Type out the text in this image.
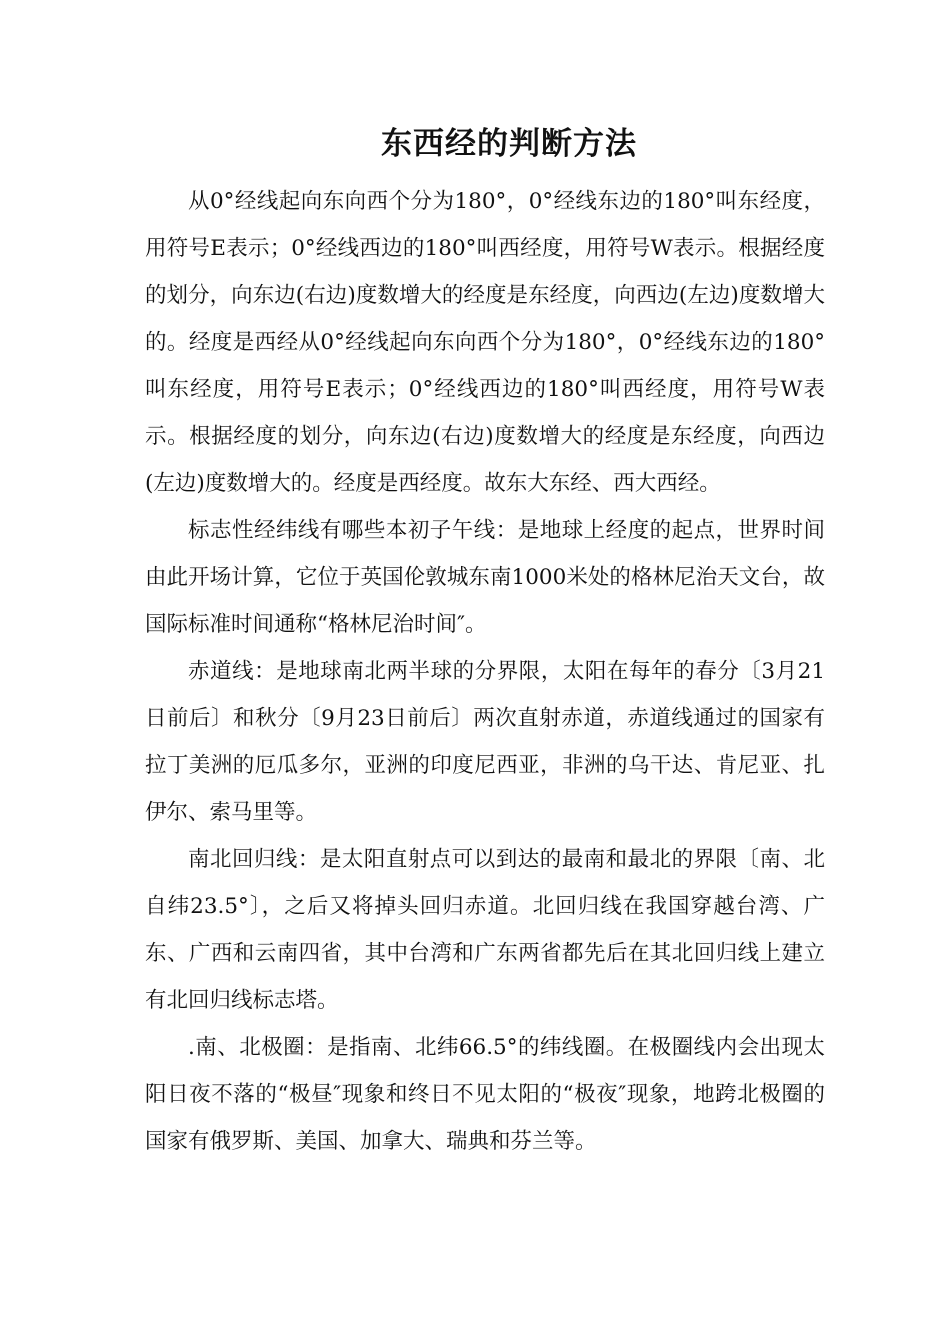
东西经的判断方法

从0°经线起向东向西个分为180°，0°经线东边的180°叫东经度，用符号E表示；0°经线西边的180°叫西经度，用符号W表示。根据经度的划分，向东边(右边)度数增大的经度是东经度，向西边(左边)度数增大的。经度是西经从0°经线起向东向西个分为180°，0°经线东边的180°叫东经度，用符号E表示；0°经线西边的180°叫西经度，用符号W表示。根据经度的划分，向东边(右边)度数增大的经度是东经度，向西边(左边)度数增大的。经度是西经度。故东大东经、西大西经。

标志性经纬线有哪些本初子午线：是地球上经度的起点，世界时间由此开场计算，它位于英国伦敦城东南1000米处的格林尼治天文台，故国际标准时间通称“格林尼治时间″。

赤道线：是地球南北两半球的分界限，太阳在每年的春分〔3月21日前后〕和秋分〔9月23日前后〕两次直射赤道，赤道线通过的国家有拉丁美洲的厄瓜多尔，亚洲的印度尼西亚，非洲的乌干达、肯尼亚、扎伊尔、索马里等。

南北回归线：是太阳直射点可以到达的最南和最北的界限〔南、北自纬23.5°〕，之后又将掉头回归赤道。北回归线在我国穿越台湾、广东、广西和云南四省，其中台湾和广东两省都先后在其北回归线上建立有北回归线标志塔。

.南、北极圈：是指南、北纬66.5°的纬线圈。在极圈线内会出现太阳日夜不落的“极昼″现象和终日不见太阳的“极夜″现象，地跨北极圈的国家有俄罗斯、美国、加拿大、瑞典和芬兰等。
